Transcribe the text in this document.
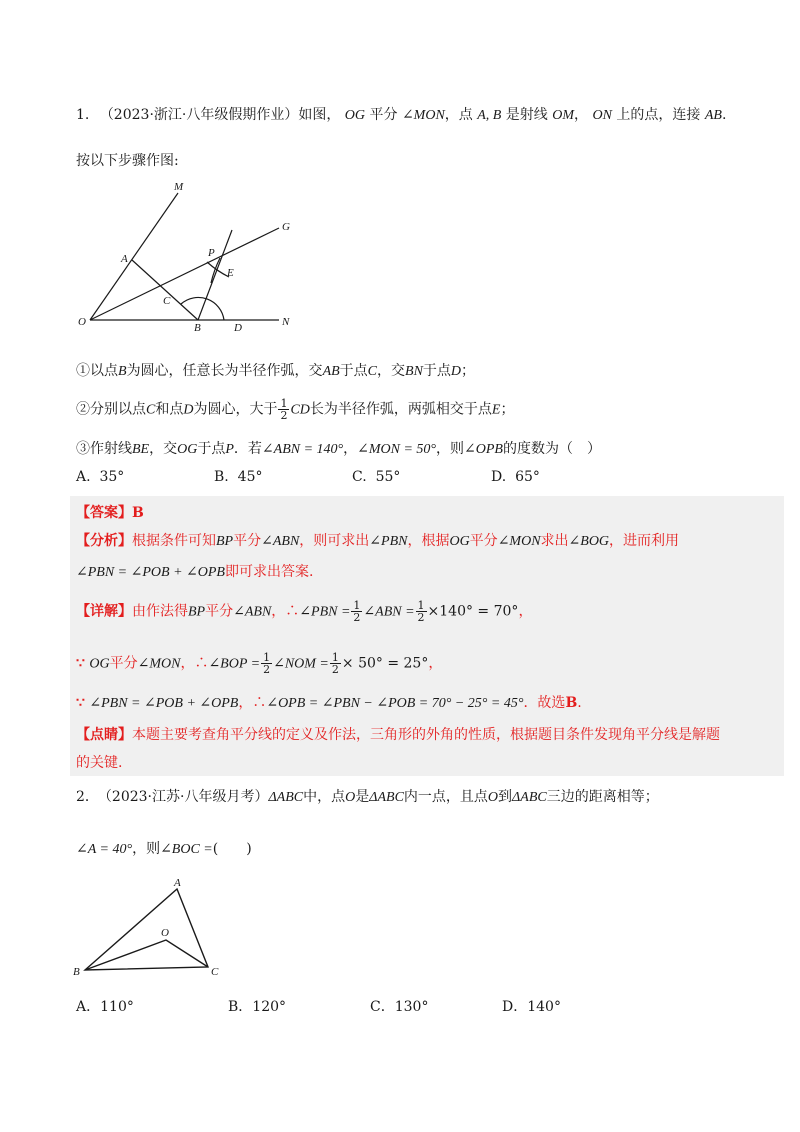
1. （2023·浙江·八年级假期作业）如图， OG 平分 ∠MON，点 A, B 是射线 OM， ON 上的点，连接 AB.
按以下步骤作图:
M
G
A	P
E
C
O	B	D	N
①以点B为圆心，任意长为半径作弧，交AB于点C，交BN于点D；
②分别以点C和点D为圆心，大于 $\frac{1}{2}$ CD长为半径作弧，两弧相交于点E；
③作射线BE，交OG于点P．若∠ABN = 140°，∠MON = 50°，则∠OPB的度数为（　）
A. 35°	B. 45°	C. 55°	D. 65°
【答案】B
【分析】根据条件可知BP平分∠ABN，则可求出∠PBN，根据OG平分∠MON求出∠BOG，进而利用
∠PBN = ∠POB + ∠OPB即可求出答案.
【详解】由作法得BP平分∠ABN，∴∠PBN = $\frac{1}{2}$ ∠ABN = $\frac{1}{2} \times 140^\circ = 70^\circ$，
∵ OG平分∠MON，∴∠BOP = $\frac{1}{2}$ ∠NOM = $\frac{1}{2} \times 50^\circ = 25^\circ$，
∵ ∠PBN = ∠POB + ∠OPB，∴∠OPB = ∠PBN − ∠POB = 70° − 25° = 45°．故选B.
【点睛】本题主要考查角平分线的定义及作法，三角形的外角的性质，根据题目条件发现角平分线是解题
的关键.
2． （2023·江苏·八年级月考）ΔABC中，点O是ΔABC内一点，且点O到ΔABC三边的距离相等；
∠A = 40°，则∠BOC =(　　)
A
O
B	C
A．110°	B．120°	C．130°	D．140°
